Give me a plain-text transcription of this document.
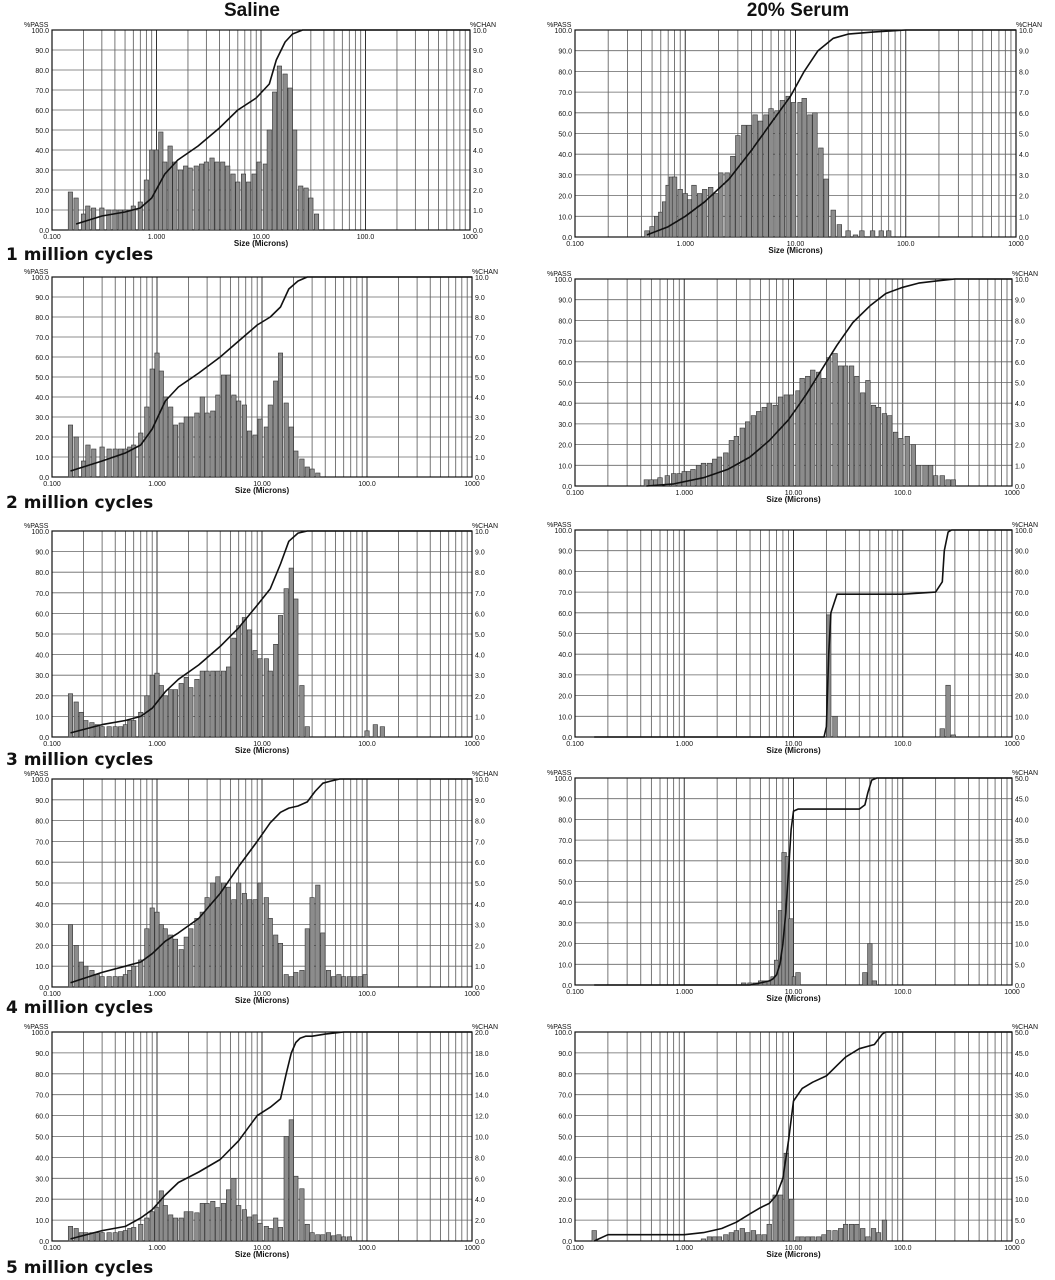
Saline	20% Serum
1 million cycles
2 million cycles
3 million cycles
4 million cycles
5 million cycles
0.0
10.0
20.0
30.0
40.0
50.0
60.0
70.0
80.0
90.0
100.0
0.0
1.0
2.0
3.0
4.0
5.0
6.0
7.0
8.0
9.0
10.0
0.100	1.000	10.00	100.0	1000
%PASS	%CHAN
Size (Microns)
0.0
10.0
20.0
30.0
40.0
50.0
60.0
70.0
80.0
90.0
100.0
0.0
1.0
2.0
3.0
4.0
5.0
6.0
7.0
8.0
9.0
10.0
0.100	1.000	10.00	100.0	1000
%PASS	%CHAN
Size (Microns)
0.0
10.0
20.0
30.0
40.0
50.0
60.0
70.0
80.0
90.0
100.0
0.0
1.0
2.0
3.0
4.0
5.0
6.0
7.0
8.0
9.0
10.0
0.100	1.000	10.00	100.0	1000
%PASS	%CHAN
Size (Microns)	0.0
10.0
20.0
30.0
40.0
50.0
60.0
70.0
80.0
90.0
100.0
0.0
1.0
2.0
3.0
4.0
5.0
6.0
7.0
8.0
9.0
10.0
0.100	1.000	10.00	100.0	1000
%PASS	%CHAN
Size (Microns)
0.0
10.0
20.0
30.0
40.0
50.0
60.0
70.0
80.0
90.0
100.0
0.0
1.0
2.0
3.0
4.0
5.0
6.0
7.0
8.0
9.0
10.0
0.100	1.000	10.00	100.0	1000
%PASS	%CHAN
Size (Microns)
0.0
10.0
20.0
30.0
40.0
50.0
60.0
70.0
80.0
90.0
100.0
0.0
10.0
20.0
30.0
40.0
50.0
60.0
70.0
80.0
90.0
100.0
0.100	1.000	10.00	100.0	1000
%PASS	%CHAN
Size (Microns)
0.0
10.0
20.0
30.0
40.0
50.0
60.0
70.0
80.0
90.0
100.0
0.0
1.0
2.0
3.0
4.0
5.0
6.0
7.0
8.0
9.0
10.0
0.100	1.000	10.00	100.0	1000
%PASS	%CHAN
Size (Microns)
0.0
10.0
20.0
30.0
40.0
50.0
60.0
70.0
80.0
90.0
100.0
0.0
5.0
10.0
15.0
20.0
25.0
30.0
35.0
40.0
45.0
50.0
0.100	1.000	10.00	100.0	1000
%PASS	%CHAN
Size (Microns)
0.0
10.0
20.0
30.0
40.0
50.0
60.0
70.0
80.0
90.0
100.0
0.0
2.0
4.0
6.0
8.0
10.0
12.0
14.0
16.0
18.0
20.0
0.100	1.000	10.00	100.0	1000
%PASS	%CHAN
Size (Microns)
0.0
10.0
20.0
30.0
40.0
50.0
60.0
70.0
80.0
90.0
100.0
0.0
5.0
10.0
15.0
20.0
25.0
30.0
35.0
40.0
45.0
50.0
0.100	1.000	10.00	100.0	1000
%PASS	%CHAN
Size (Microns)
